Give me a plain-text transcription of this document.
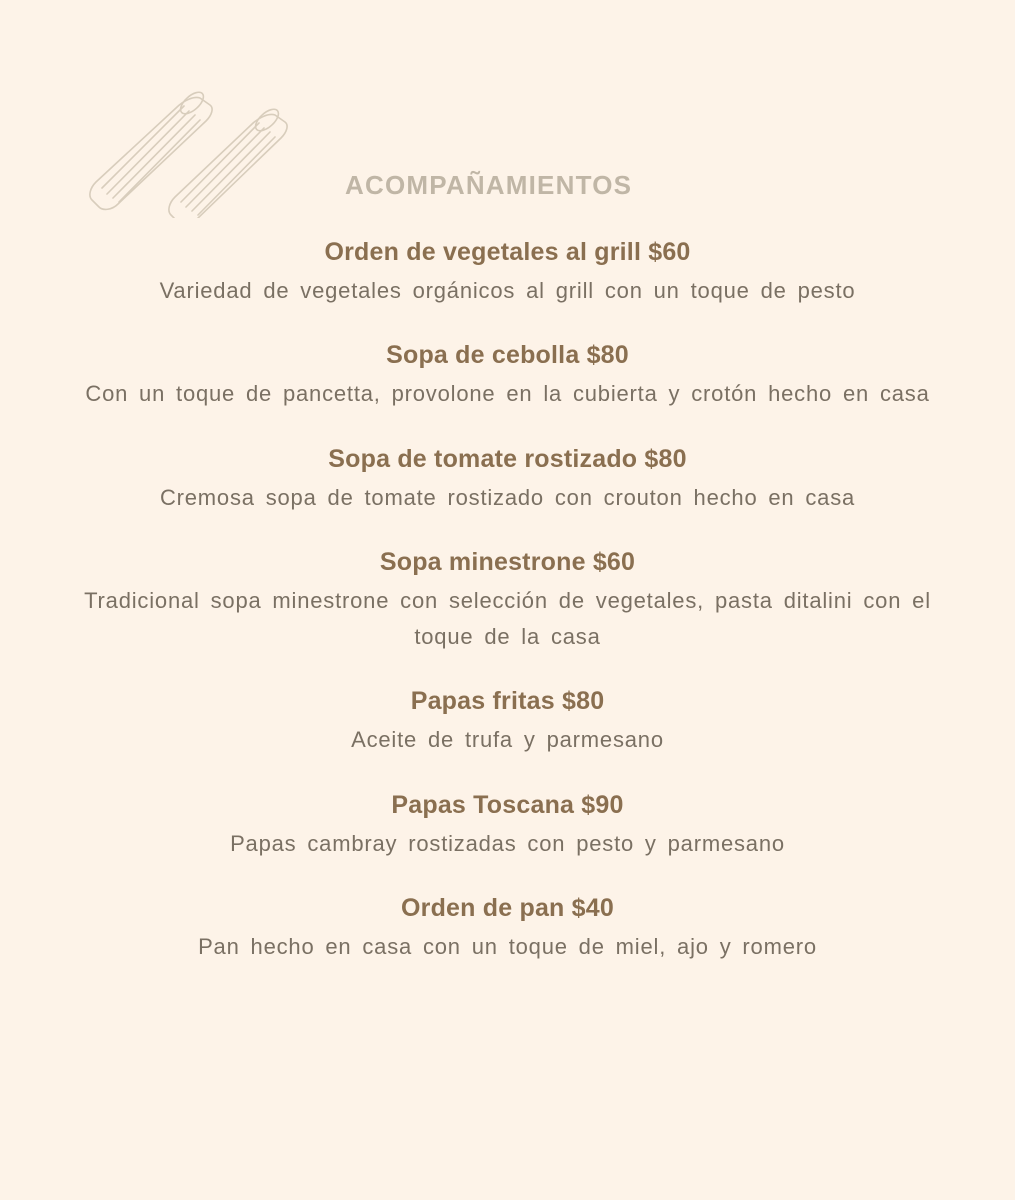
ACOMPAÑAMIENTOS
Orden de vegetales al grill $60
Variedad de vegetales orgánicos al grill con un toque de pesto
Sopa de cebolla $80
Con un toque de pancetta, provolone en la cubierta y crotón hecho en casa
Sopa de tomate rostizado $80
Cremosa sopa de tomate rostizado con crouton hecho en casa
Sopa minestrone $60
Tradicional sopa minestrone con selección de vegetales, pasta ditalini con el toque de la casa
Papas fritas $80
Aceite de trufa y parmesano
Papas Toscana $90
Papas cambray rostizadas con pesto y parmesano
Orden de pan $40
Pan hecho en casa con un toque de miel, ajo y romero
